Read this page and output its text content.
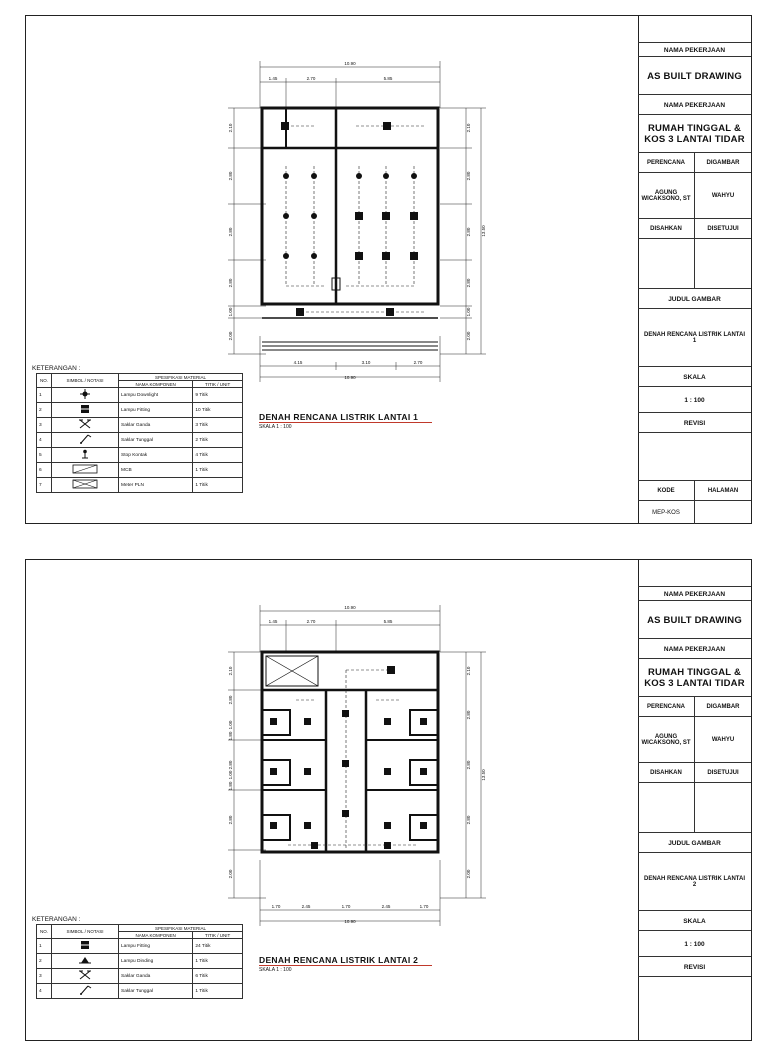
10.90
1.45	2.70	5.85
4.15	3.10	2.70
10.90
2.10
2.80
2.80
2.80
1.00
2.00
2.10
2.80
2.80
2.80
1.00
2.00
13.50
KETERANGAN :
NO.	SIMBOL / NOTASI	SPESIFIKASI MATERIAL	
		NAMA KOMPONEN	TITIK / UNIT
1		Lampu Downlight	9 Titik
2		Lampu Fitting	10 Titik
3		Saklar Ganda	3 Titik
4		Saklar Tunggal	2 Titik
5		Stop Kontak	4 Titik
6		MCB	1 Titik
7		Meter PLN	1 Titik
DENAH RENCANA LISTRIK LANTAI 1
SKALA 1 : 100
NAMA PEKERJAAN
AS BUILT DRAWING
NAMA PEKERJAAN
RUMAH TINGGAL & KOS 3 LANTAI TIDAR
PERENCANA	DIGAMBAR
AGUNG WICAKSONO, ST	WAHYU
DISAHKAN	DISETUJUI
JUDUL GAMBAR
DENAH RENCANA LISTRIK LANTAI 1
SKALA
1 : 100
REVISI
KODE	HALAMAN
MEP-KOS
10.90
1.45	2.70	5.85
1.70	2.45	1.70	2.45	1.70
10.90
2.10
2.80
1.00
1.80
2.80
1.00
1.80
2.80
2.00
2.10
2.80
2.80
2.80
2.00
13.50
KETERANGAN :
NO.	SIMBOL / NOTASI	SPESIFIKASI MATERIAL	
		NAMA KOMPONEN	TITIK / UNIT
1		Lampu Fitting	24 Titik
2		Lampu Dinding	1 Titik
3		Saklar Ganda	6 Titik
4		Saklar Tunggal	1 Titik
DENAH RENCANA LISTRIK LANTAI 2
SKALA 1 : 100
NAMA PEKERJAAN
AS BUILT DRAWING
NAMA PEKERJAAN
RUMAH TINGGAL & KOS 3 LANTAI TIDAR
PERENCANA	DIGAMBAR
AGUNG WICAKSONO, ST	WAHYU
DISAHKAN	DISETUJUI
JUDUL GAMBAR
DENAH RENCANA LISTRIK LANTAI 2
SKALA
1 : 100
REVISI
